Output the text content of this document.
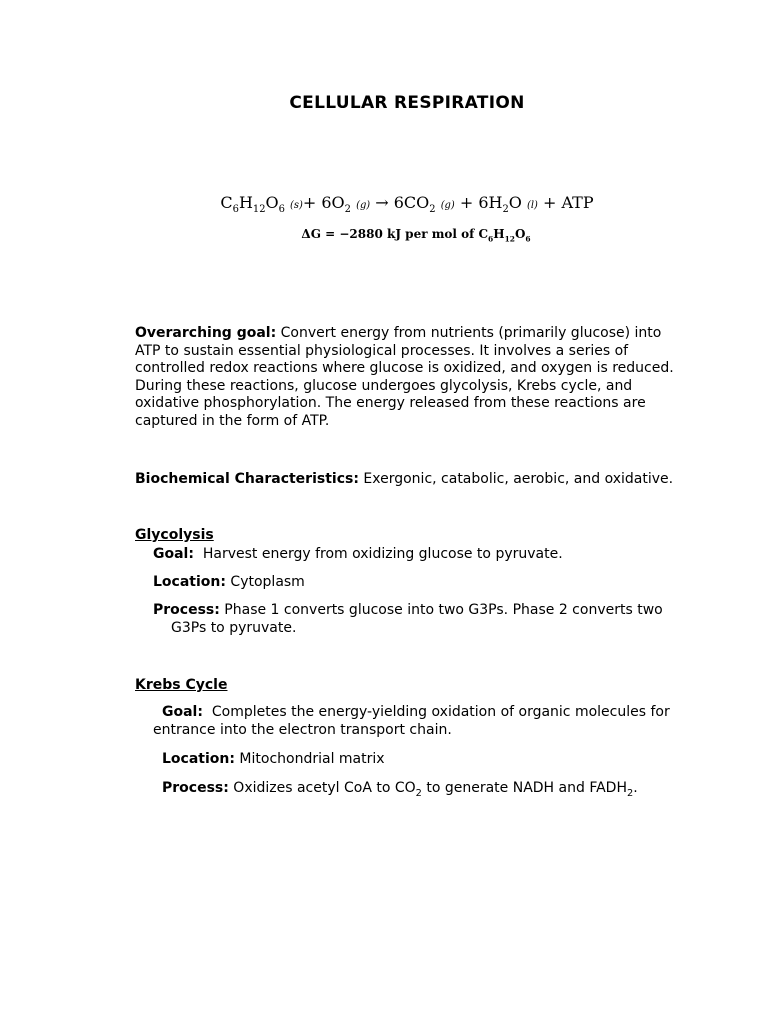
CELLULAR RESPIRATION
$C_6H_{12}O_6$ $(s)+ 6O_2$ $(g) \to 6CO_2$ $(g) + 6H_2O$ (l) + ATP
ΔG = −2880 kJ per mol of $C_6H_{12}O_6$
Overarching goal: Convert energy from nutrients (primarily glucose) into ATP to sustain essential physiological processes. It involves a series of controlled redox reactions where glucose is oxidized, and oxygen is reduced. During these reactions, glucose undergoes glycolysis, Krebs cycle, and oxidative phosphorylation. The energy released from these reactions are captured in the form of ATP.
Biochemical Characteristics: Exergonic, catabolic, aerobic, and oxidative.
Glycolysis
Goal: Harvest energy from oxidizing glucose to pyruvate.
Location: Cytoplasm
Process: Phase 1 converts glucose into two G3Ps. Phase 2 converts two
G3Ps to pyruvate.
Krebs Cycle
Goal: Completes the energy-yielding oxidation of organic molecules for entrance into the electron transport chain.
Location: Mitochondrial matrix
Process: Oxidizes acetyl CoA to $CO_2$ to generate NADH and $FADH_2$.
